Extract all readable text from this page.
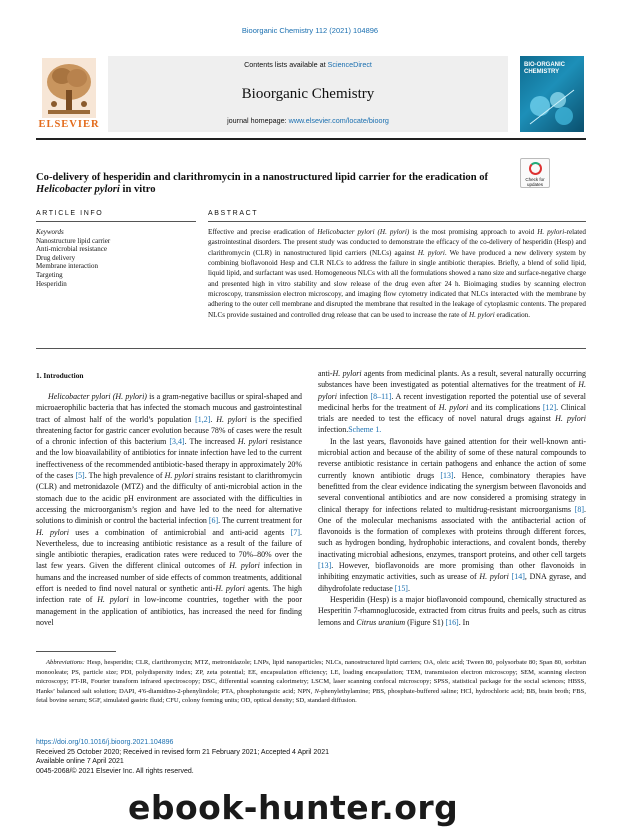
Bioorganic Chemistry 112 (2021) 104896
ELSEVIER
Contents lists available at ScienceDirect
Bioorganic Chemistry
journal homepage: www.elsevier.com/locate/bioorg
BIO-ORGANIC CHEMISTRY
Co-delivery of hesperidin and clarithromycin in a nanostructured lipid carrier for the eradication of Helicobacter pylori in vitro
Check for updates
ARTICLE INFO	ABSTRACT
Keywords
Nanostructure lipid carrier
Anti-microbial resistance
Drug delivery
Membrane interaction
Targeting
Hesperidin
Effective and precise eradication of Helicobacter pylori (H. pylori) is the most promising approach to avoid H. pylori-related gastrointestinal disorders. The present study was conducted to demonstrate the efficacy of the co-delivery of hesperidin (Hesp) and clarithromycin (CLR) in nanostructured lipid carriers (NLCs) against H. pylori. We have produced a new delivery system by combining bioflavonoid Hesp and CLR NLCs to address the failure in single antibiotic therapies. Briefly, a blend of solid lipid, liquid lipid, and surfactant was used. Homogeneous NLCs with all the formulations showed a nano size and surface-negative charge and presented high in vitro stability and slow release of the drug even after 24 h. Bioimaging studies by scanning electron microscopy, transmission electron microscopy, and imaging flow cytometry indicated that NLCs interacted with the membrane by adhering to the outer cell membrane and disrupted the membrane that resulted in the leakage of cytoplasmic contents. The prepared NLCs provide sustained and controlled drug release that can be used to increase the rate of H. pylori eradication.
1. Introduction

Helicobacter pylori (H. pylori) is a gram-negative bacillus or spiral-shaped and microaerophilic bacteria that has infected the stomach mucous and gastrointestinal tract of almost half of the world’s population [1,2]. H. pylori is the specified threatening factor for gastric cancer evolution because 78% of cases were the result of a chronic infection of this bacterium [3,4]. The increased H. pylori resistance and the low bioavailability of antibiotics for innate infection have led to the current ineffectiveness of the recommended antibiotic-based therapy in approximately 20% of the cases [5]. The high prevalence of H. pylori strains resistant to clarithromycin (CLR) and metronidazole (MTZ) and the difficulty of anti-microbial action in the stomach due to the acidic pH environment are associated with the difficulties in accessing the microorganism’s region and have led to the need for alternative solutions to diminish or control the bacterial infection [6]. The current treatment for H. pylori uses a combination of antimicrobial and anti-acid agents [7]. Nevertheless, due to increasing antibiotic resistance as a result of the failure of single antibiotic therapies, eradication rates were reduced to 70%–80% over the last few years. Given the different clinical outcomes of H. pylori infection in humans and the increased number of side effects of common treatments, additional effort is needed to find novel natural or synthetic anti-H. pylori agents. The high infection rate of H. pylori in low-income countries, together with the poor management in the application of antibiotics, has increased the need for finding novel

anti-H. pylori agents from medicinal plants. As a result, several naturally occurring substances have been investigated as potential alternatives for the treatment of H. pylori infection [8–11]. A recent investigation reported the potential use of several medicinal herbs for the treatment of H. pylori and its complications [12]. Clinical trials are needed to test the efficacy of novel natural drugs against H. pylori infection.Scheme 1.

In the last years, flavonoids have gained attention for their well-known anti-microbial action and because of the ability of some of these natural compounds to reverse antibiotic resistance in certain pathogens and enhance the action of some currently known antibiotic drugs [13]. Hence, combinatory therapies have benefitted from the clear evidence indicating the synergism between flavonoids and several conventional antibiotics and are now considered a promising strategy in clinical therapy for infections related to multidrug-resistant microorganisms [8]. One of the molecular mechanisms associated with the antibacterial action of flavonoids is the formation of complexes with proteins through different forces, such as hydrogen bonding, hydrophobic interactions, and covalent bonds, thereby inactivating microbial adhesions, enzymes, transport proteins, and other cell targets [13]. However, bioflavonoids are more promising than other flavonoids in inhibiting enzymatic activities, such as urease of H. pylori [14], DNA gyrase, and dihydrofolate reductase [15].

Hesperidin (Hesp) is a major bioflavonoid compound, chemically structured as Hesperitin 7-rhamnoglucoside, extracted from citrus fruits and peels, such as citrus lemons and Citrus uranium (Figure S1) [16]. In

Abbreviations: Hesp, hesperidin; CLR, clarithromycin; MTZ, metronidazole; LNPs, lipid nanoparticles; NLCs, nanostructured lipid carriers; OA, oleic acid; Tween 80, polysorbate 80; Span 80, sorbitan monooleate; PS, particle size; PDI, polydispersity index; ZP, zeta potential; EE, encapsulation efficiency; LE, loading encapsulation; TEM, transmission electron microscopy; SEM, scanning electron microscopy; FT-IR, Fourier transform infrared spectroscopy; DSC, differential scanning calorimetry; LSCM, laser scanning confocal microscopy; SPSS, statistical package for the social sciences; HBSS, Hanks’ balanced salt solution; DAPI, 4′6-diamidino-2-phenylindole; PTA, phosphotungstic acid; NPN, N-phenylethylamine; PBS, phosphate-buffered saline; HCl, hydrochloric acid; BB, brain broth; FBS, fetal bovine serum; SGF, simulated gastric fluid; CFU, colony forming units; OD, optical density; SD, standard diffusion.
https://doi.org/10.1016/j.bioorg.2021.104896
Received 25 October 2020; Received in revised form 21 February 2021; Accepted 4 April 2021
Available online 7 April 2021
0045-2068/© 2021 Elsevier Inc. All rights reserved.
ebook-hunter.org
